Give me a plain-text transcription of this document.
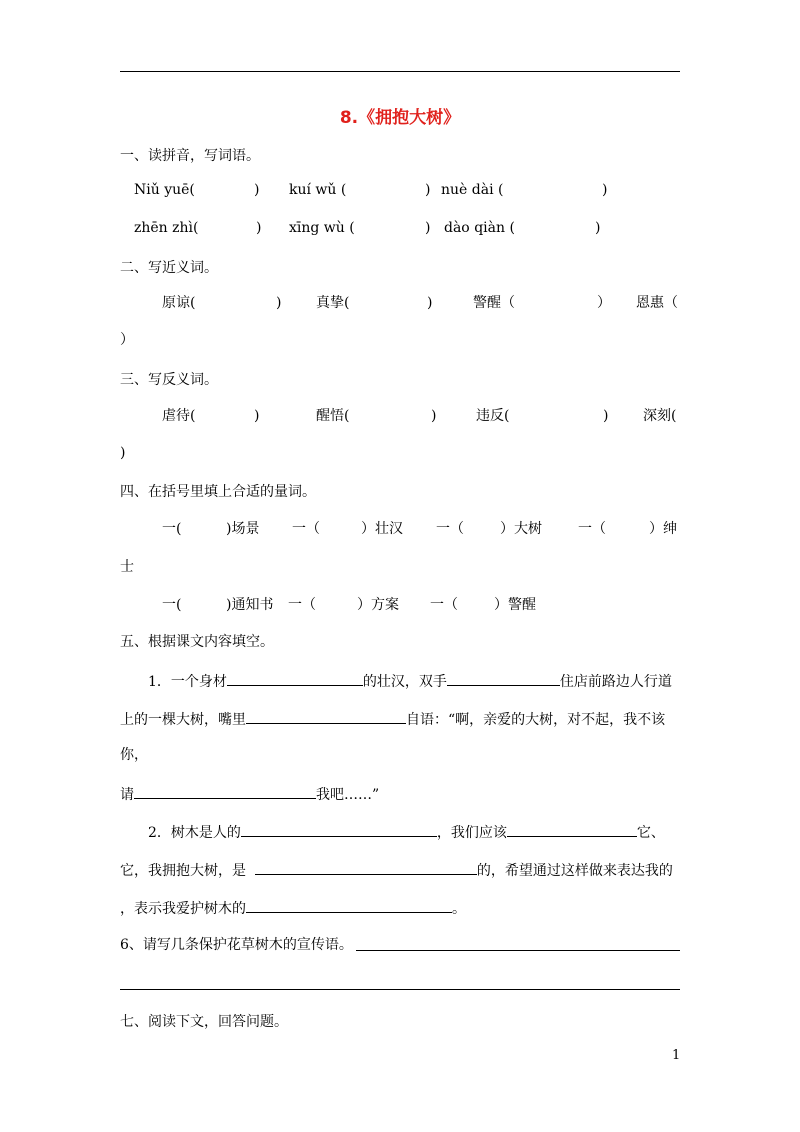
8.《拥抱大树》
一、读拼音，写词语。
Niǔ yuē(	) kuí wǔ (	) nuè dài (	)
zhēn zhì(	) xīng wù (	) dào qiàn (	)
二、写近义词。
原谅(	) 真挚(	)	警醒（	） 恩惠（
）
三、写反义词。
虐待(	)	醒悟(	)	违反(	) 深刻(
)
四、在括号里填上合适的量词。
一(	)场景 一（	）壮汉 一（	）大树	一（	）绅
士
一(	)通知书 一（	）方案 一（	）警醒
五、根据课文内容填空。
1．一个身材	的壮汉，双手	住店前路边人行道
上的一棵大树，嘴里	自语：“啊，亲爱的大树，对不起，我不该
你，
请	我吧……”
2．树木是人的	，我们应该	它、
它，我拥抱大树，是	的，希望通过这样做来表达我的
，表示我爱护树木的	。
6、请写几条保护花草树木的宣传语。
七、阅读下文，回答问题。
1
